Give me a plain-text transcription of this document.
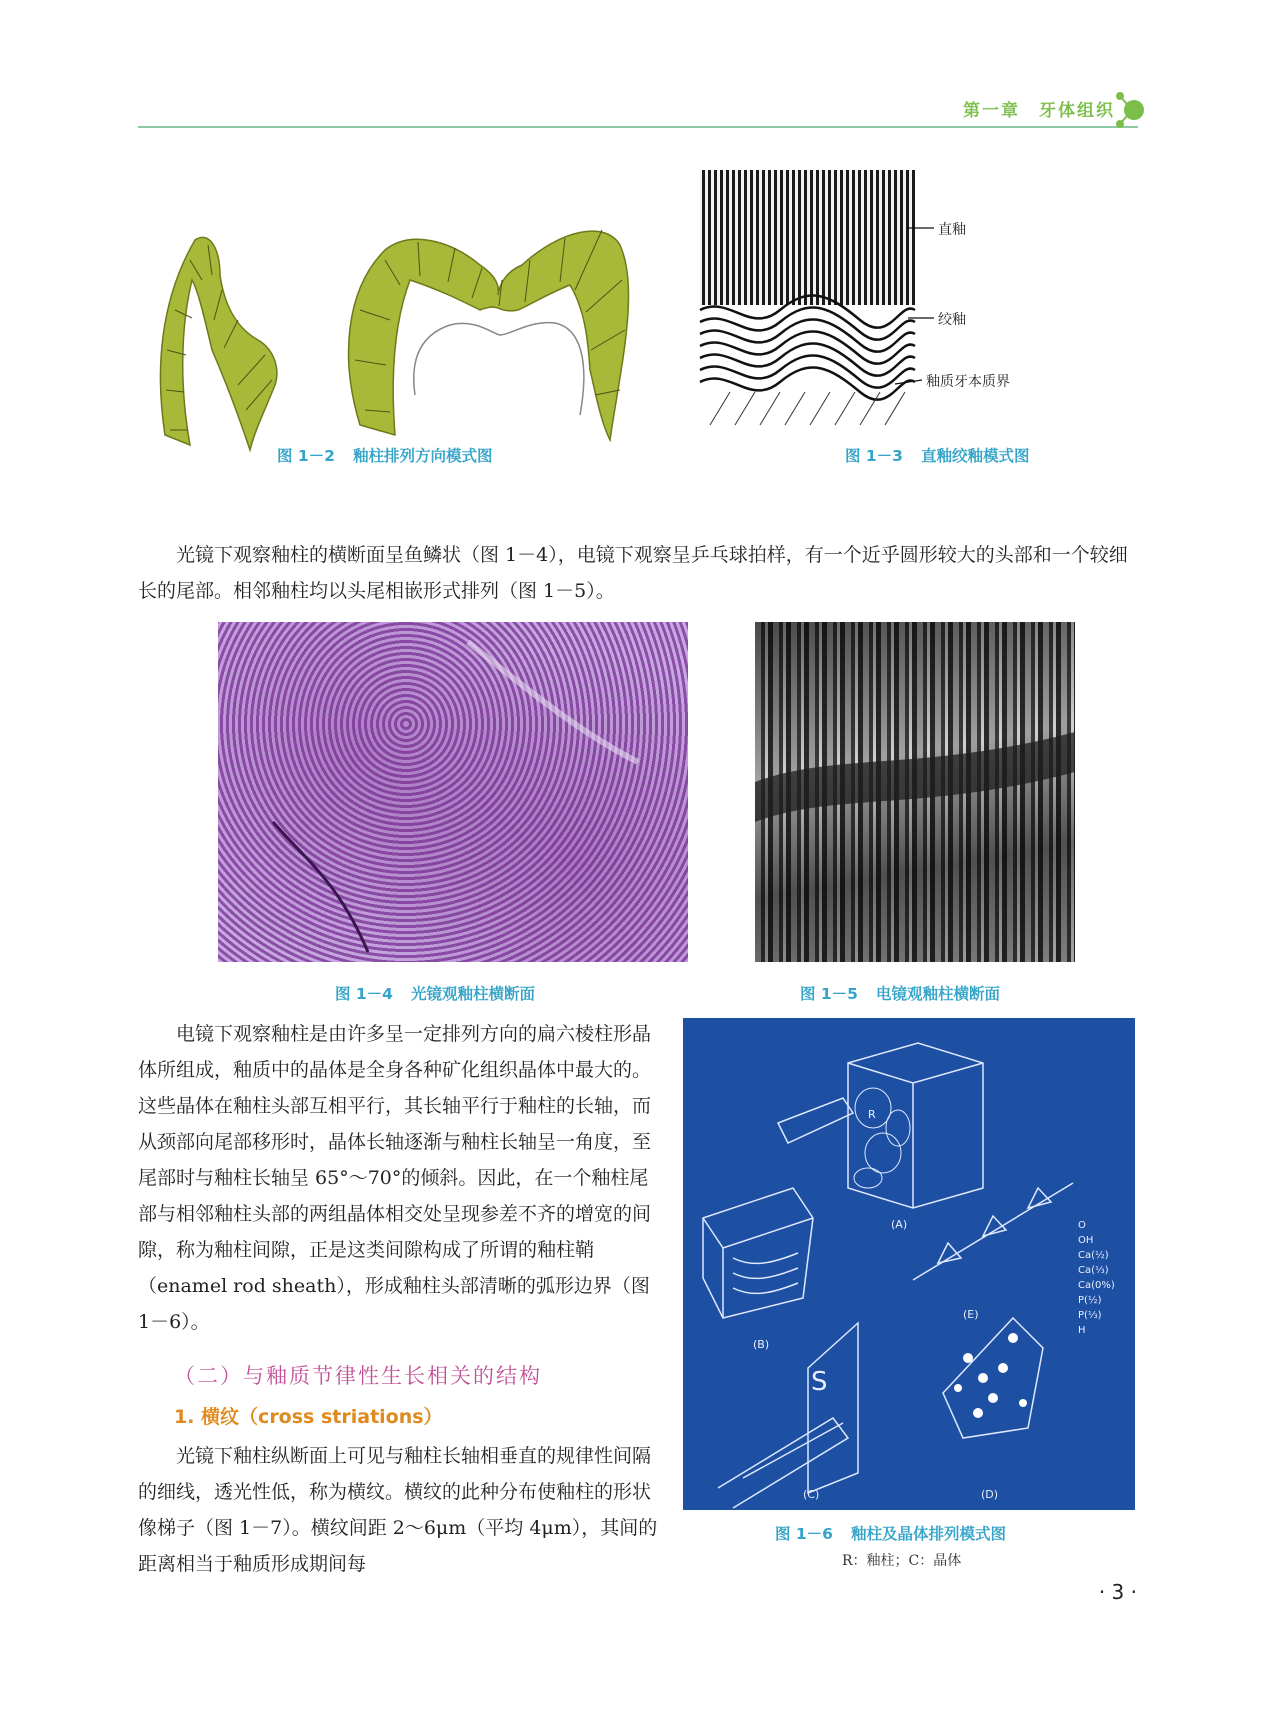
第一章　牙体组织
图 1－2 釉柱排列方向模式图
直釉
绞釉
釉质牙本质界
图 1－3 直釉绞釉模式图

光镜下观察釉柱的横断面呈鱼鳞状（图 1－4），电镜下观察呈乒乓球拍样，有一个近乎圆形较大的头部和一个较细长的尾部。相邻釉柱均以头尾相嵌形式排列（图 1－5）。

图 1－4 光镜观釉柱横断面	图 1－5 电镜观釉柱横断面

电镜下观察釉柱是由许多呈一定排列方向的扁六棱柱形晶体所组成，釉质中的晶体是全身各种矿化组织晶体中最大的。这些晶体在釉柱头部互相平行，其长轴平行于釉柱的长轴，而从颈部向尾部移形时，晶体长轴逐渐与釉柱长轴呈一角度，至尾部时与釉柱长轴呈 65°～70°的倾斜。因此，在一个釉柱尾部与相邻釉柱头部的两组晶体相交处呈现参差不齐的增宽的间隙，称为釉柱间隙，正是这类间隙构成了所谓的釉柱鞘（enamel rod sheath），形成釉柱头部清晰的弧形边界（图 1－6）。

（二）与釉质节律性生长相关的结构
1. 横纹（cross striations）

光镜下釉柱纵断面上可见与釉柱长轴相垂直的规律性间隔的细线，透光性低，称为横纹。横纹的此种分布使釉柱的形状像梯子（图 1－7）。横纹间距 2～6μm（平均 4μm），其间的距离相当于釉质形成期间每

(A)
(B)
(C)	(D)
(E)
R
S
O
OH
Ca(½)
Ca(⅓)
Ca(0%)
P(½)
P(⅓)
H
图 1－6 釉柱及晶体排列模式图
R：釉柱；C：晶体
· 3 ·
